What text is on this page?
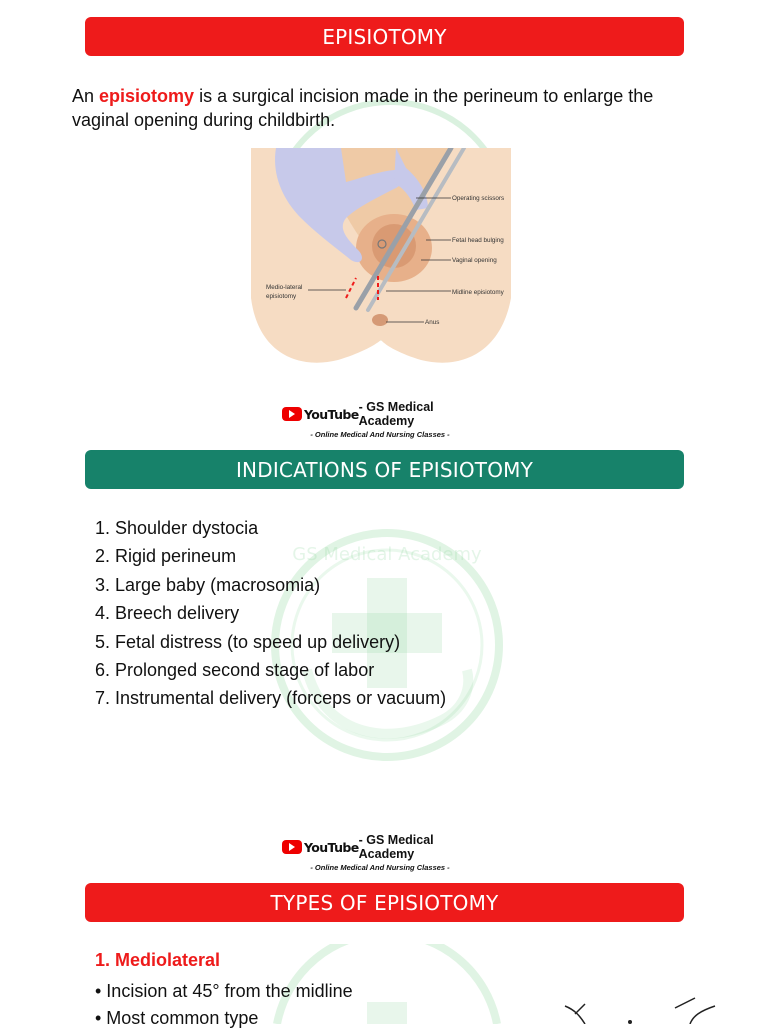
EPISIOTOMY
An episiotomy is a surgical incision made in the perineum to enlarge the vaginal opening during childbirth.
Operating scissors
Fetal head bulging
Vaginal opening
Midline episiotomy
Anus
Medio-lateral
episiotomy
YouTube - GS Medical Academy
- Online Medical And Nursing Classes -
INDICATIONS OF EPISIOTOMY
GS Medical Academy
1. Shoulder dystocia
2. Rigid perineum
3. Large baby (macrosomia)
4. Breech delivery
5. Fetal distress (to speed up delivery)
6. Prolonged second stage of labor
7. Instrumental delivery (forceps or vacuum)
YouTube - GS Medical Academy
- Online Medical And Nursing Classes -
TYPES OF EPISIOTOMY
1. Mediolateral
• Incision at 45° from the midline
• Most common type
